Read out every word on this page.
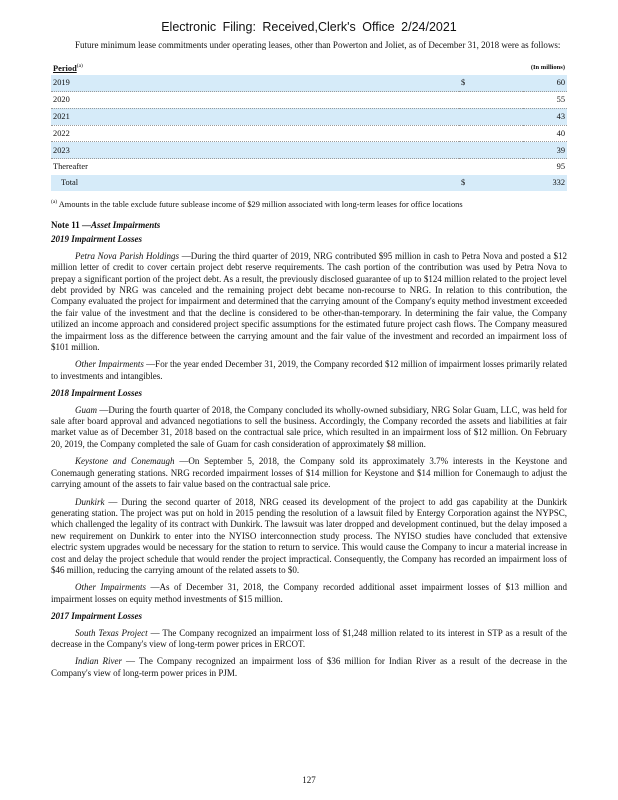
Electronic Filing: Received,Clerk's Office 2/24/2021

Future minimum lease commitments under operating leases, other than Powerton and Joliet, as of December 31, 2018 were as follows:

Period$^{(a)}$		(In millions)
2019	$	60
2020		55
2021		43
2022		40
2023		39
Thereafter		95
Total	$	332
$^{(a)}$ Amounts in the table exclude future sublease income of $29 million associated with long-term leases for office locations
Note 11 —Asset Impairments
2019 Impairment Losses

Petra Nova Parish Holdings —During the third quarter of 2019, NRG contributed $95 million in cash to Petra Nova and posted a $12 million letter of credit to cover certain project debt reserve requirements. The cash portion of the contribution was used by Petra Nova to prepay a significant portion of the project debt. As a result, the previously disclosed guarantee of up to $124 million related to the project level debt provided by NRG was canceled and the remaining project debt became non-recourse to NRG. In relation to this contribution, the Company evaluated the project for impairment and determined that the carrying amount of the Company's equity method investment exceeded the fair value of the investment and that the decline is considered to be other-than-temporary. In determining the fair value, the Company utilized an income approach and considered project specific assumptions for the estimated future project cash flows. The Company measured the impairment loss as the difference between the carrying amount and the fair value of the investment and recorded an impairment loss of $101 million.

Other Impairments —For the year ended December 31, 2019, the Company recorded $12 million of impairment losses primarily related to investments and intangibles.

2018 Impairment Losses

Guam —During the fourth quarter of 2018, the Company concluded its wholly-owned subsidiary, NRG Solar Guam, LLC, was held for sale after board approval and advanced negotiations to sell the business. Accordingly, the Company recorded the assets and liabilities at fair market value as of December 31, 2018 based on the contractual sale price, which resulted in an impairment loss of $12 million. On February 20, 2019, the Company completed the sale of Guam for cash consideration of approximately $8 million.

Keystone and Conemaugh —On September 5, 2018, the Company sold its approximately 3.7% interests in the Keystone and Conemaugh generating stations. NRG recorded impairment losses of $14 million for Keystone and $14 million for Conemaugh to adjust the carrying amount of the assets to fair value based on the contractual sale price.

Dunkirk — During the second quarter of 2018, NRG ceased its development of the project to add gas capability at the Dunkirk generating station. The project was put on hold in 2015 pending the resolution of a lawsuit filed by Entergy Corporation against the NYPSC, which challenged the legality of its contract with Dunkirk. The lawsuit was later dropped and development continued, but the delay imposed a new requirement on Dunkirk to enter into the NYISO interconnection study process. The NYISO studies have concluded that extensive electric system upgrades would be necessary for the station to return to service. This would cause the Company to incur a material increase in cost and delay the project schedule that would render the project impractical. Consequently, the Company has recorded an impairment loss of $46 million, reducing the carrying amount of the related assets to $0.

Other Impairments —As of December 31, 2018, the Company recorded additional asset impairment losses of $13 million and impairment losses on equity method investments of $15 million.

2017 Impairment Losses

South Texas Project — The Company recognized an impairment loss of $1,248 million related to its interest in STP as a result of the decrease in the Company's view of long-term power prices in ERCOT.

Indian River — The Company recognized an impairment loss of $36 million for Indian River as a result of the decrease in the Company's view of long-term power prices in PJM.

127
